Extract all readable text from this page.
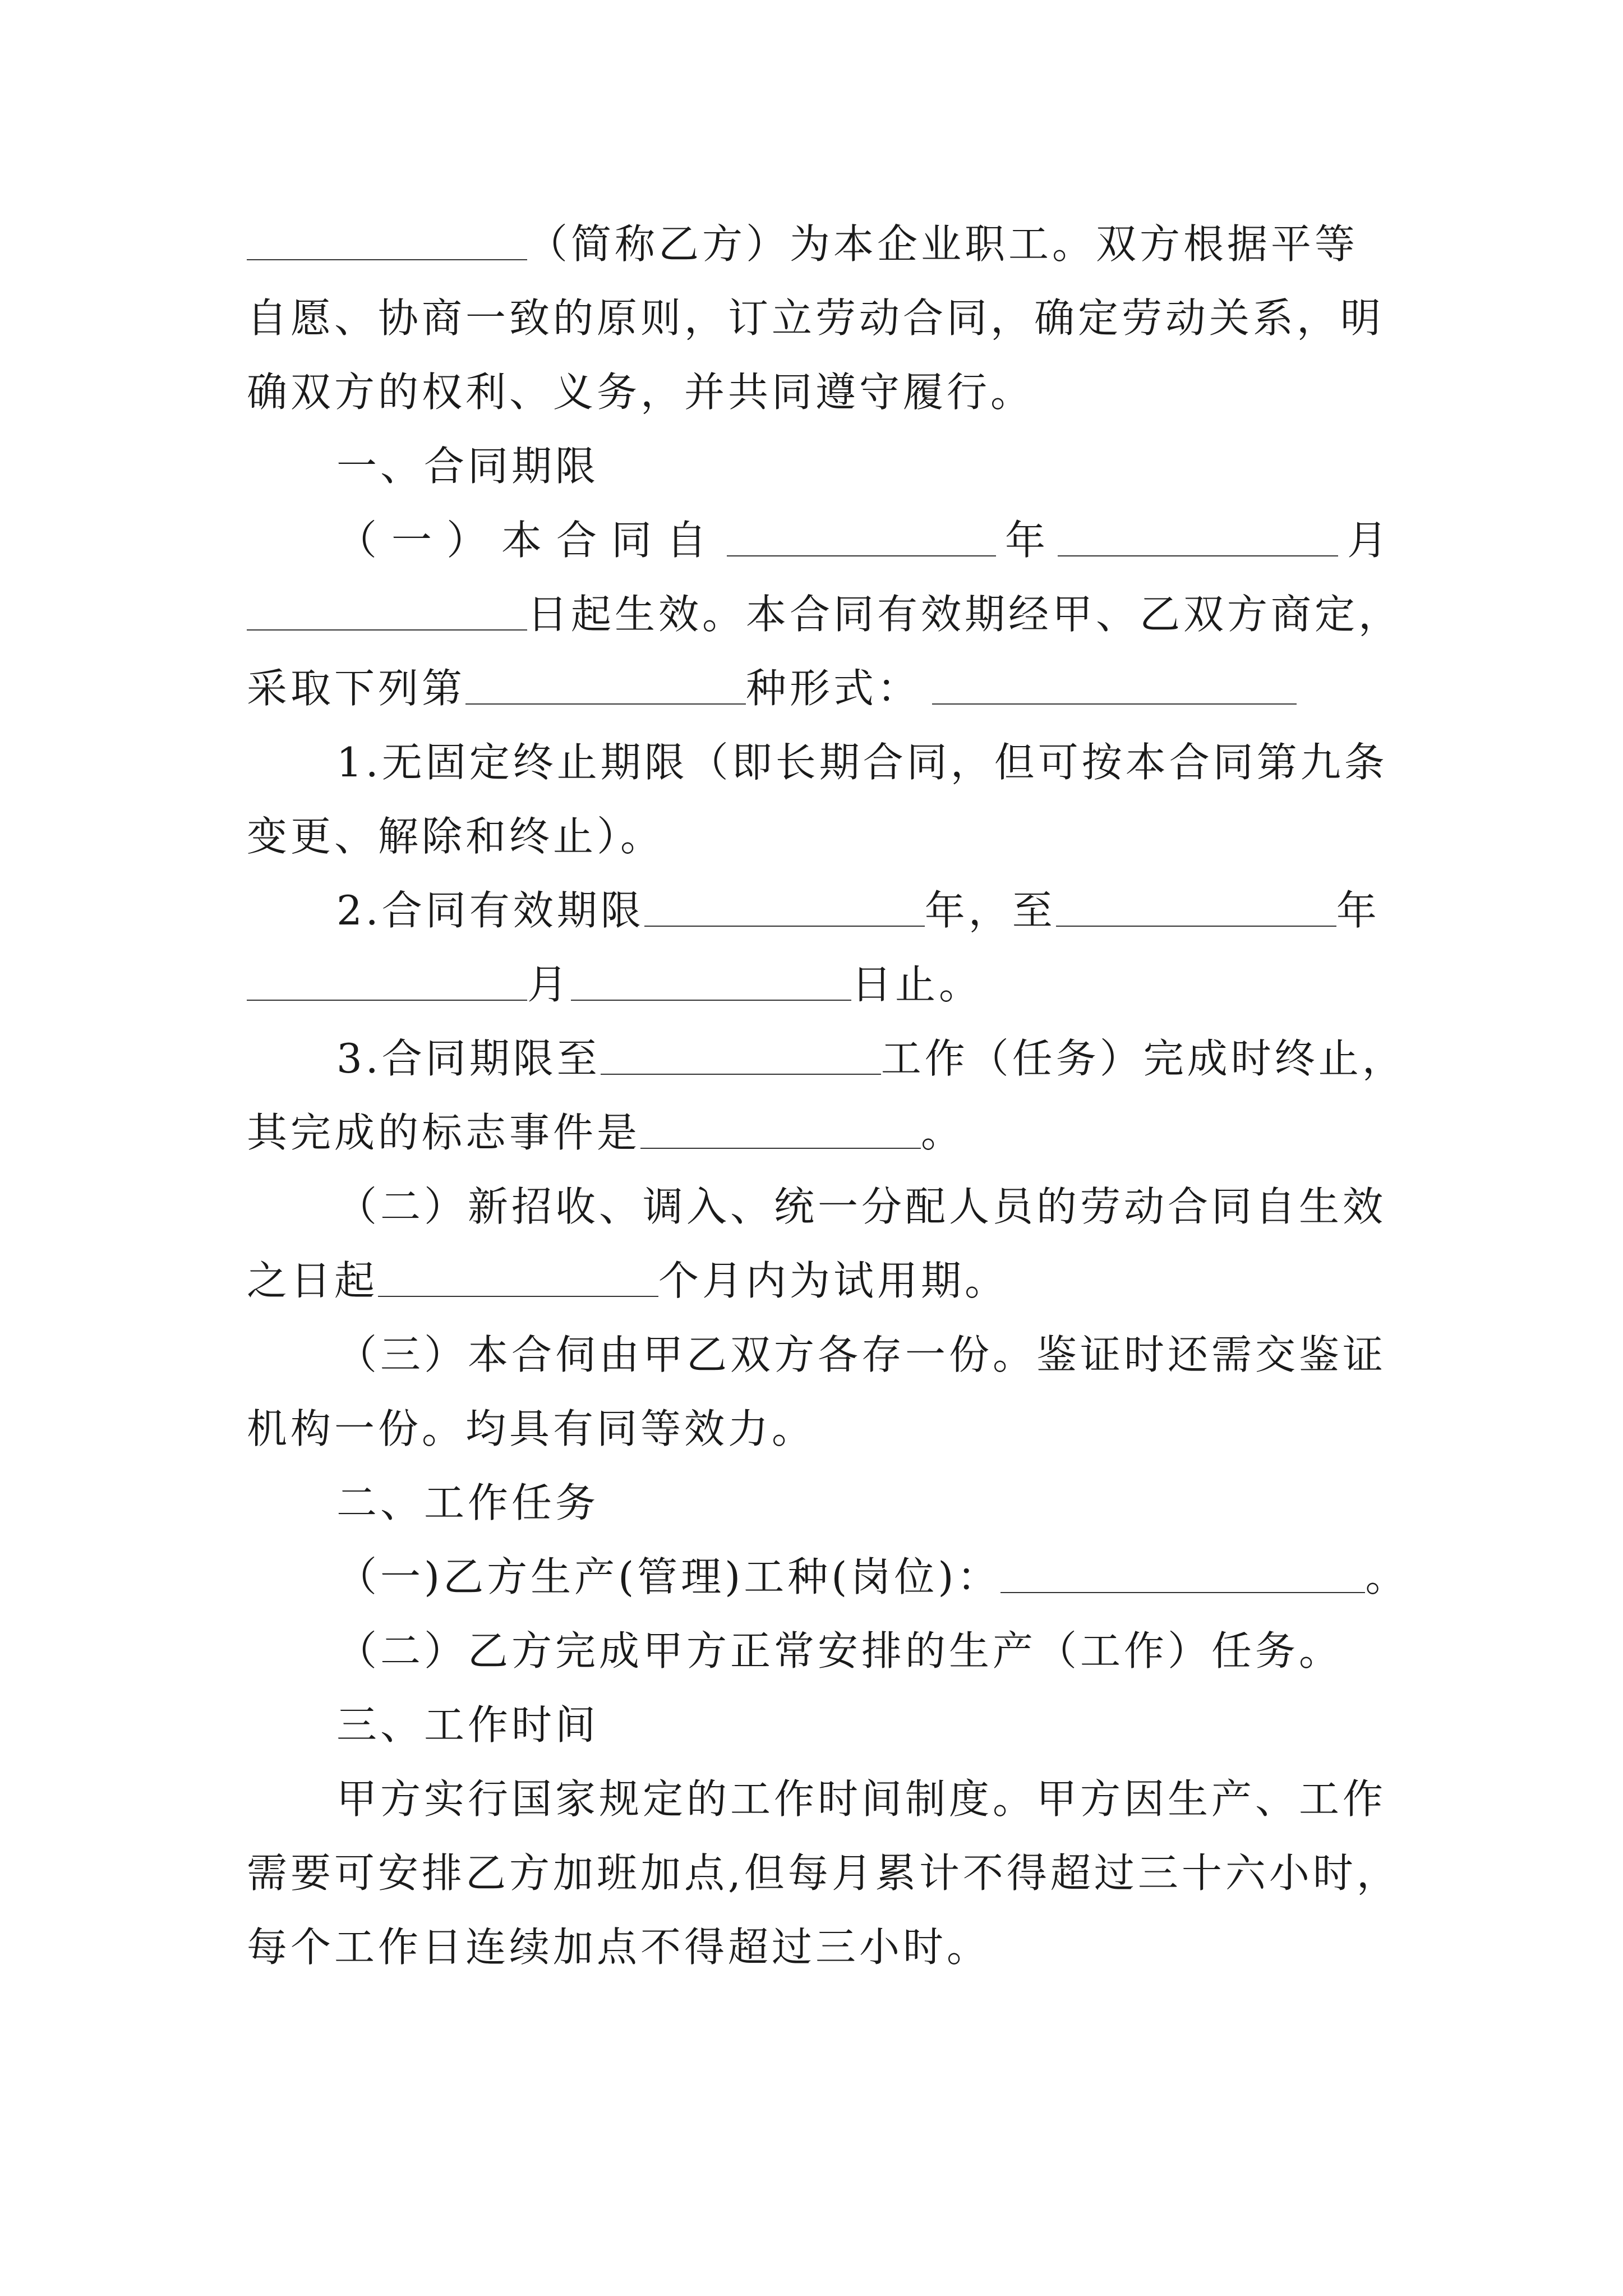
（简称乙方）为本企业职工。双方根据平等
自愿、协商一致的原则，订立劳动合同，确定劳动关系，明
确双方的权利、义务，并共同遵守履行。
一、合同期限
（一）本合同自	年	月
日起生效。本合同有效期经甲、乙双方商定，
采取下列第	种形式：
1.无固定终止期限（即长期合同，但可按本合同第九条
变更、解除和终止）。
2.合同有效期限	年，至	年
月	日止。
3.合同期限至	工作（任务）完成时终止，
其完成的标志事件是	。
（二）新招收、调入、统一分配人员的劳动合同自生效
之日起	个月内为试用期。
（三）本合伺由甲乙双方各存一份。鉴证时还需交鉴证
机构一份。均具有同等效力。
二、工作任务
（一)乙方生产(管理)工种(岗位)：	。
（二）乙方完成甲方正常安排的生产（工作）任务。
三、工作时间
甲方实行国家规定的工作时间制度。甲方因生产、工作
需要可安排乙方加班加点,但每月累计不得超过三十六小时，
每个工作日连续加点不得超过三小时。
